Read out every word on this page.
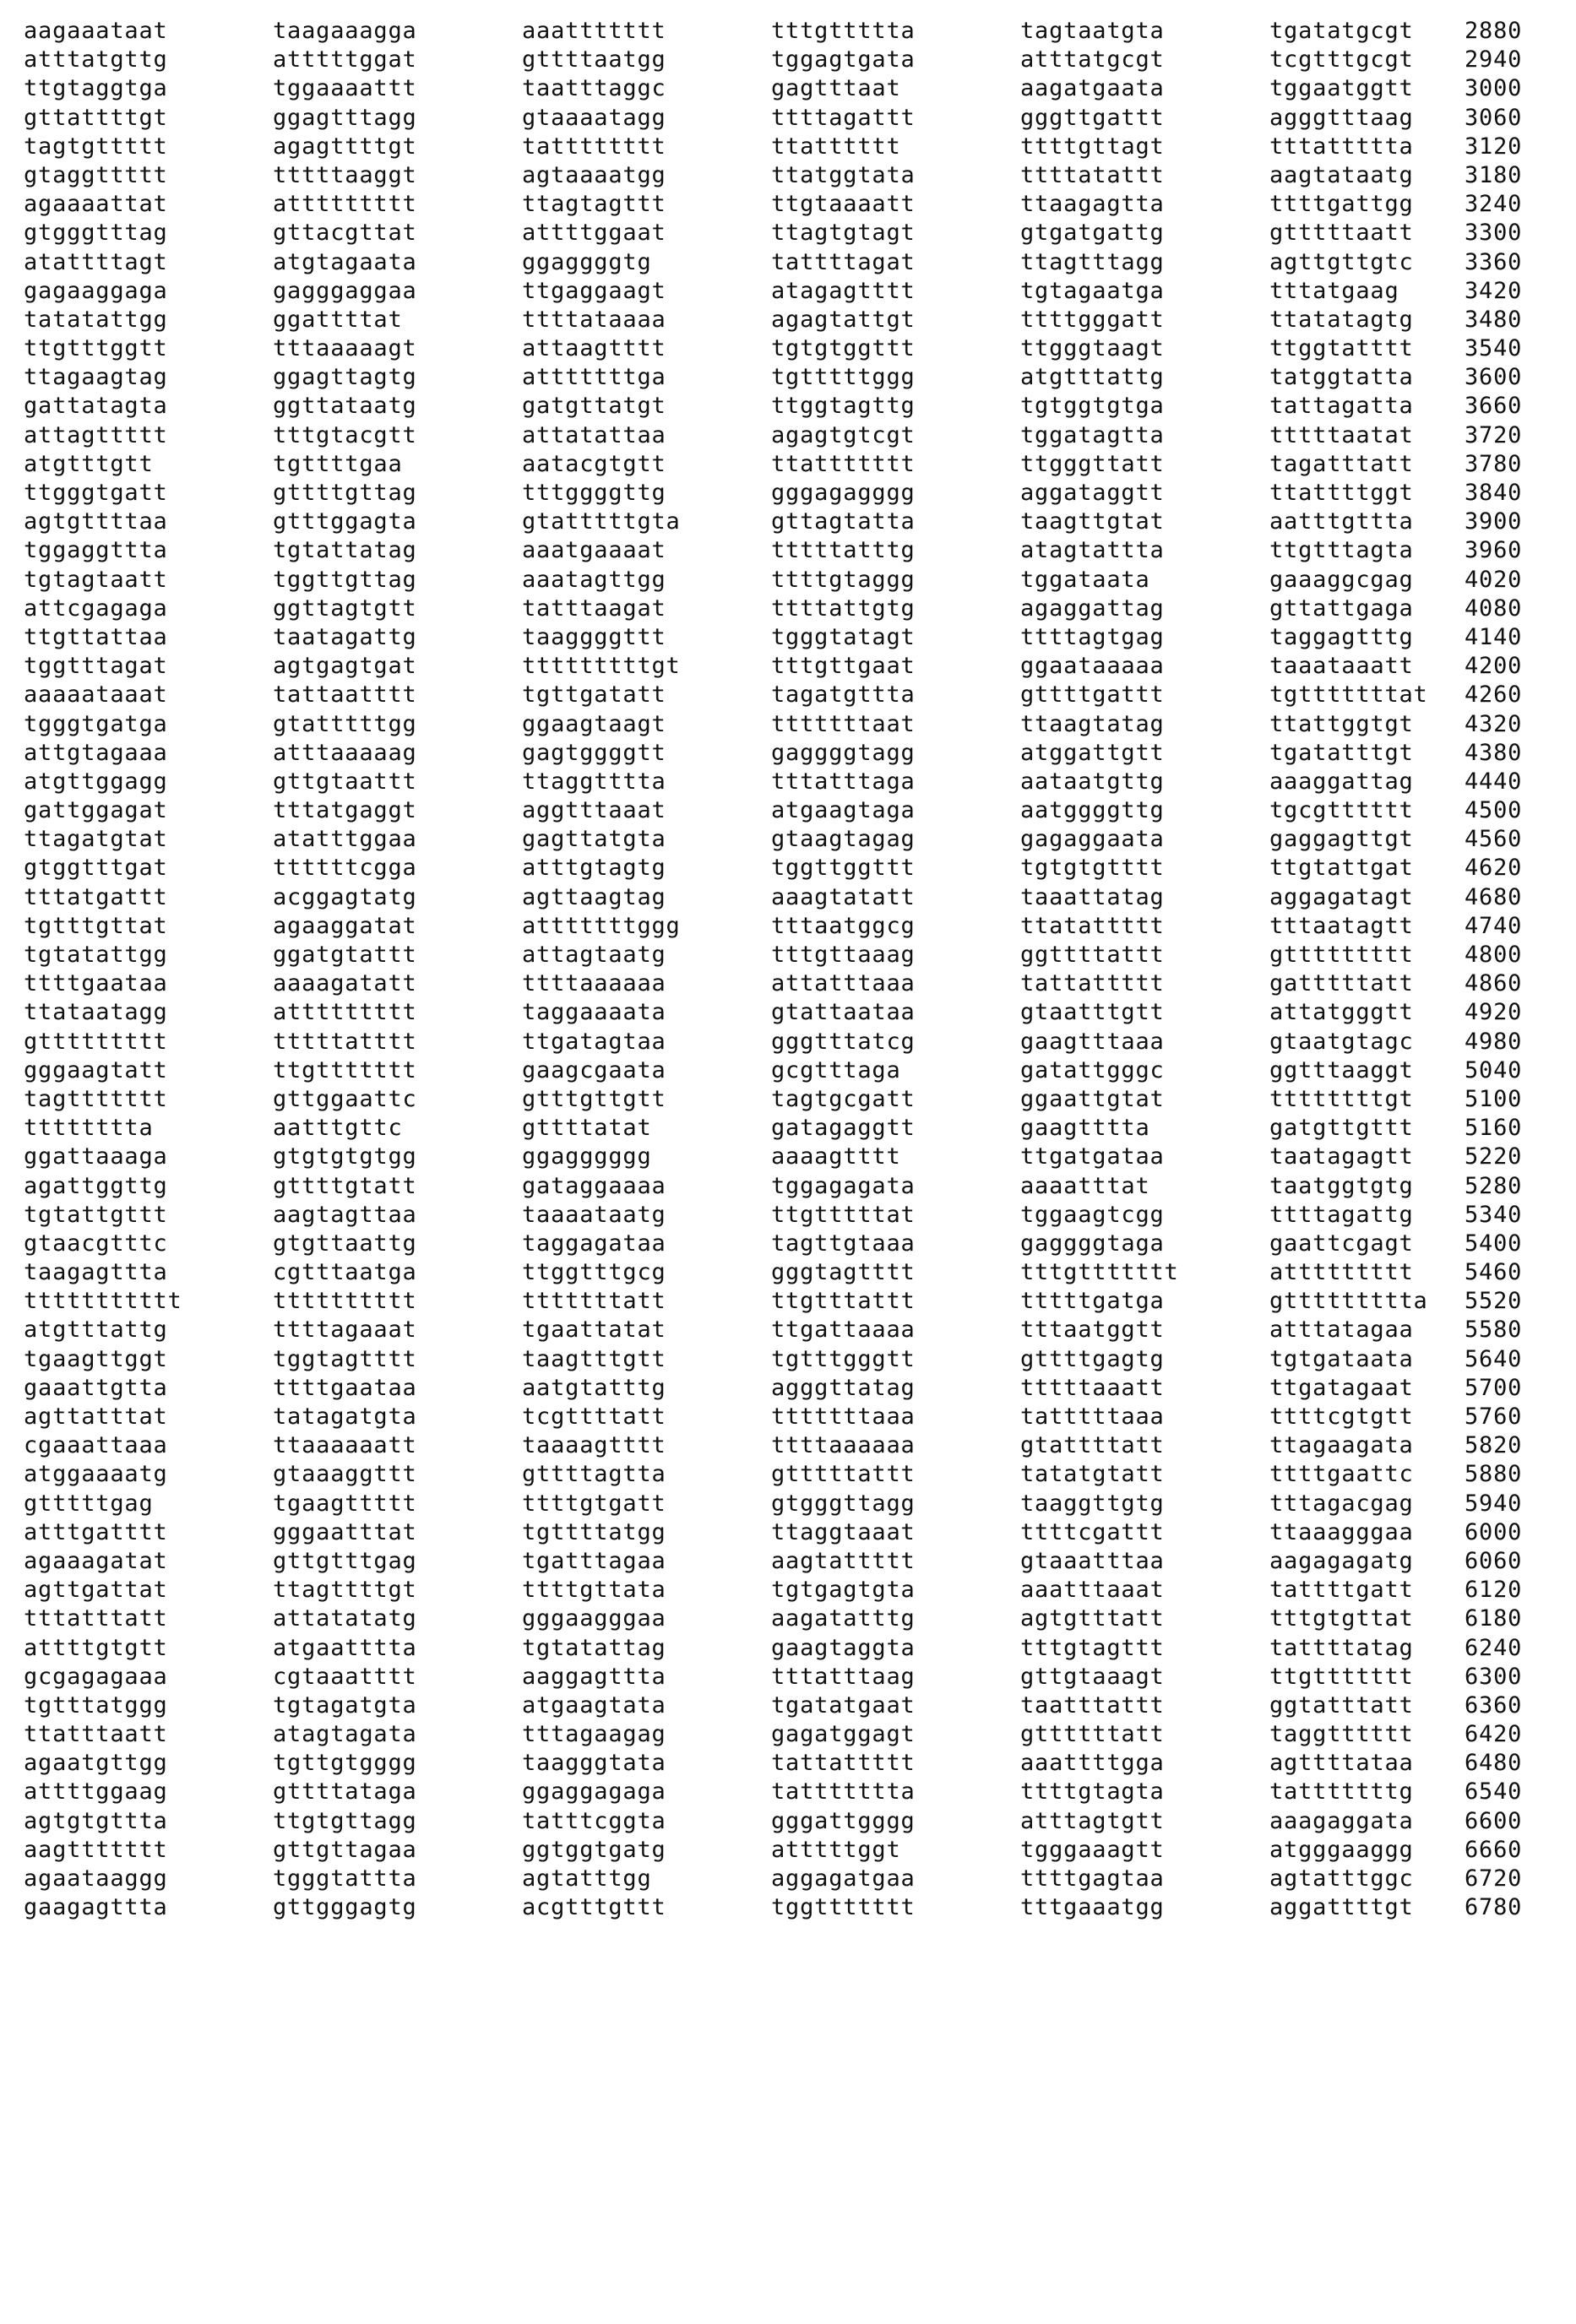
aagaaataat	taagaaagga	aaattttttt	tttgttttta	tagtaatgta	tgatatgcgt 2880
atttatgttg	atttttggat	gttttaatgg	tggagtgata	atttatgcgt	tcgtttgcgt 2940
ttgtaggtga	tggaaaattt	taatttaggc	gagtttaat	aagatgaata	tggaatggtt 3000
gttattttgt	ggagtttagg	gtaaaatagg	ttttagattt	gggttgattt	agggtttaag 3060
tagtgttttt	agagttttgt	tatttttttt	ttatttttt	ttttgttagt	tttattttta 3120
gtaggttttt	tttttaaggt	agtaaaatgg	ttatggtata	ttttatattt	aagtataatg 3180
agaaaattat	attttttttt	ttagtagttt	ttgtaaaatt	ttaagagtta	ttttgattgg 3240
gtgggtttag	gttacgttat	attttggaat	ttagtgtagt	gtgatgattg	gtttttaatt 3300
atattttagt	atgtagaata	ggaggggtg	tattttagat	ttagtttagg	agttgttgtc 3360
gagaaggaga	gagggaggaa	ttgaggaagt	atagagtttt	tgtagaatga	tttatgaag	3420
tatatattgg	ggattttat	ttttataaaa	agagtattgt	ttttgggatt	ttatatagtg 3480
ttgtttggtt	tttaaaaagt	attaagtttt	tgtgtggttt	ttgggtaagt	ttggtatttt 3540
ttagaagtag	ggagttagtg	atttttttga	tgtttttggg	atgtttattg	tatggtatta 3600
gattatagta	ggttataatg	gatgttatgt	ttggtagttg	tgtggtgtga	tattagatta 3660
attagttttt	tttgtacgtt	attatattaa	agagtgtcgt	tggatagtta	tttttaatat 3720
atgtttgtt	tgttttgaa	aatacgtgtt	ttattttttt	ttgggttatt	tagatttatt 3780
ttgggtgatt	gttttgttag	tttggggttg	gggagagggg	aggataggtt	ttattttggt 3840
agtgttttaa	gtttggagta	gtatttttgta	gttagtatta	taagttgtat	aatttgttta 3900
tggaggttta	tgtattatag	aaatgaaaat	tttttatttg	atagtattta	ttgtttagta 3960
tgtagtaatt	tggttgttag	aaatagttgg	ttttgtaggg	tggataata	gaaaggcgag 4020
attcgagaga	ggttagtgtt	tatttaagat	ttttattgtg	agaggattag	gttattgaga 4080
ttgttattaa	taatagattg	taaggggttt	tgggtatagt	ttttagtgag	taggagtttg 4140
tggtttagat	agtgagtgat	tttttttttgt	tttgttgaat	ggaataaaaa	taaataaatt 4200
aaaaataaat	tattaatttt	tgttgatatt	tagatgttta	gttttgattt	tgtttttttat 4260
tgggtgatga	gtatttttgg	ggaagtaagt	tttttttaat	ttaagtatag	ttattggtgt 4320
attgtagaaa	atttaaaaag	gagtggggtt	gaggggtagg	atggattgtt	tgatatttgt 4380
atgttggagg	gttgtaattt	ttaggtttta	tttatttaga	aataatgttg	aaaggattag 4440
gattggagat	tttatgaggt	aggtttaaat	atgaagtaga	aatggggttg	tgcgtttttt 4500
ttagatgtat	atatttggaa	gagttatgta	gtaagtagag	gagaggaata	gaggagttgt 4560
gtggtttgat	ttttttcgga	atttgtagtg	tggttggttt	tgtgtgtttt	ttgtattgat 4620
tttatgattt	acggagtatg	agttaagtag	aaagtatatt	taaattatag	aggagatagt 4680
tgtttgttat	agaaggatat	atttttttggg	tttaatggcg	ttatattttt	tttaatagtt 4740
tgtatattgg	ggatgtattt	attagtaatg	tttgttaaag	ggttttattt	gttttttttt 4800
ttttgaataa	aaaagatatt	ttttaaaaaa	attatttaaa	tattattttt	gatttttatt 4860
ttataatagg	attttttttt	taggaaaata	gtattaataa	gtaatttgtt	attatgggtt 4920
gttttttttt	tttttatttt	ttgatagtaa	gggtttatcg	gaagtttaaa	gtaatgtagc 4980
gggaagtatt	ttgttttttt	gaagcgaata	gcgtttaga	gatattgggc	ggtttaaggt 5040
tagttttttt	gttggaattc	gtttgttgtt	tagtgcgatt	ggaattgtat	ttttttttgt 5100
tttttttta	aatttgttc	gttttatat	gatagaggtt	gaagtttta	gatgttgttt 5160
ggattaaaga	gtgtgtgtgg	ggagggggg	aaaagtttt	ttgatgataa	taatagagtt 5220
agattggttg	gttttgtatt	gataggaaaa	tggagagata	aaaatttat	taatggtgtg 5280
tgtattgttt	aagtagttaa	taaaataatg	ttgtttttat	tggaagtcgg	ttttagattg 5340
gtaacgtttc	gtgttaattg	taggagataa	tagttgtaaa	gaggggtaga	gaattcgagt 5400
taagagttta	cgtttaatga	ttggtttgcg	gggtagtttt	tttgttttttt	attttttttt 5460
ttttttttttt	tttttttttt	tttttttatt	ttgtttattt	tttttgatga	gttttttttta 5520
atgtttattg	ttttagaaat	tgaattatat	ttgattaaaa	tttaatggtt	atttatagaa 5580
tgaagttggt	tggtagtttt	taagtttgtt	tgtttgggtt	gttttgagtg	tgtgataata 5640
gaaattgtta	ttttgaataa	aatgtatttg	agggttatag	tttttaaatt	ttgatagaat 5700
agttatttat	tatagatgta	tcgttttatt	tttttttaaa	tatttttaaa	ttttcgtgtt 5760
cgaaattaaa	ttaaaaaatt	taaaagtttt	ttttaaaaaa	gtattttatt	ttagaagata 5820
atggaaaatg	gtaaaggttt	gttttagtta	gtttttattt	tatatgtatt	ttttgaattc 5880
gtttttgag	tgaagttttt	ttttgtgatt	gtgggttagg	taaggttgtg	tttagacgag 5940
atttgatttt	gggaatttat	tgttttatgg	ttaggtaaat	ttttcgattt	ttaaagggaa 6000
agaaagatat	gttgtttgag	tgatttagaa	aagtattttt	gtaaatttaa	aagagagatg 6060
agttgattat	ttagttttgt	ttttgttata	tgtgagtgta	aaatttaaat	tattttgatt 6120
tttatttatt	attatatatg	gggaagggaa	aagatatttg	agtgtttatt	tttgtgttat 6180
attttgtgtt	atgaatttta	tgtatattag	gaagtaggta	tttgtagttt	tattttatag 6240
gcgagagaaa	cgtaaatttt	aaggagttta	tttatttaag	gttgtaaagt	ttgttttttt 6300
tgtttatggg	tgtagatgta	atgaagtata	tgatatgaat	taatttattt	ggtatttatt 6360
ttatttaatt	atagtagata	tttagaagag	gagatggagt	gttttttatt	taggtttttt 6420
agaatgttgg	tgttgtgggg	taagggtata	tattattttt	aaattttgga	agttttataa 6480
attttggaag	gttttataga	ggaggagaga	tattttttta	ttttgtagta	tatttttttg 6540
agtgtgttta	ttgtgttagg	tatttcggta	gggattgggg	atttagtgtt	aaagaggata 6600
aagttttttt	gttgttagaa	ggtggtgatg	atttttggt	tgggaaagtt	atgggaaggg 6660
agaataaggg	tgggtattta	agtatttgg	aggagatgaa	ttttgagtaa	agtatttggc 6720
gaagagttta	gttgggagtg	acgtttgttt	tggttttttt	tttgaaatgg	aggattttgt 6780
